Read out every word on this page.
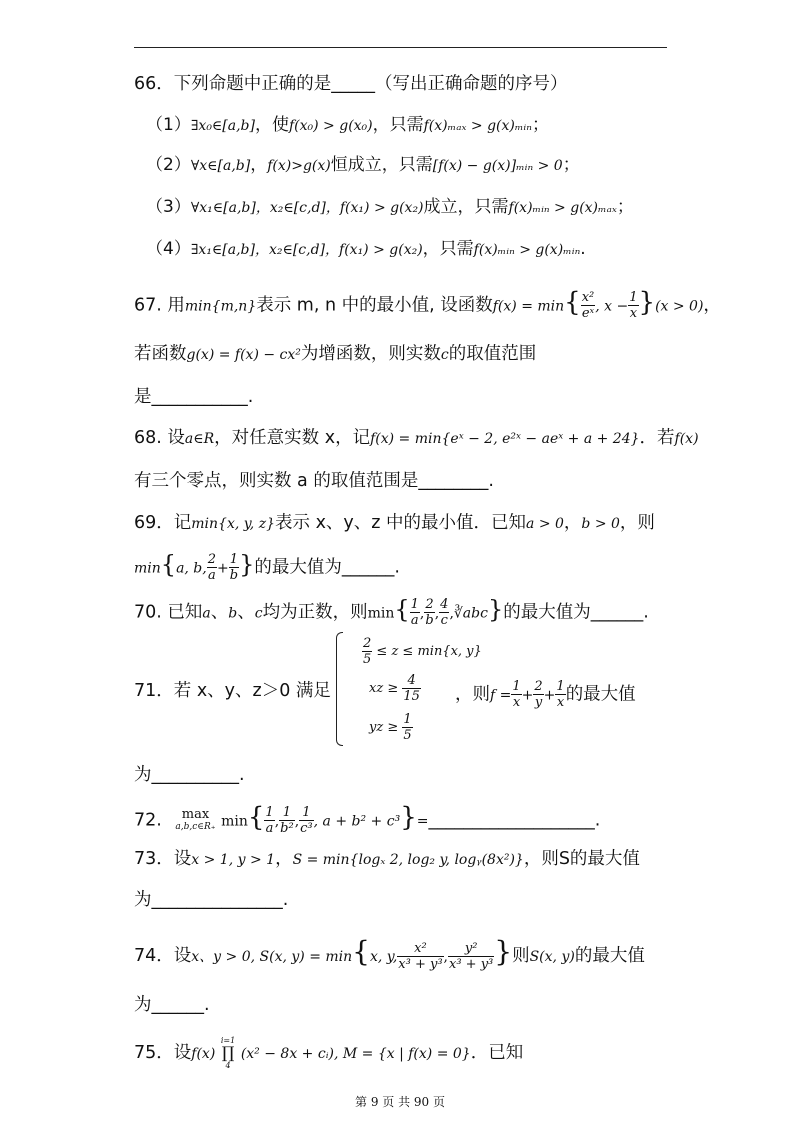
66．下列命题中正确的是_____（写出正确命题的序号）
（1）∃x₀∈[a,b]，使f(x₀) > g(x₀)，只需f(x)ₘₐₓ > g(x)ₘᵢₙ；
（2）∀x∈[a,b]，f(x)>g(x)恒成立，只需[f(x) − g(x)]ₘᵢₙ > 0；
（3）∀x₁∈[a,b]，x₂∈[c,d]，f(x₁) > g(x₂)成立，只需f(x)ₘᵢₙ > g(x)ₘₐₓ；
（4）∃x₁∈[a,b]，x₂∈[c,d]，f(x₁) > g(x₂)，只需f(x)ₘᵢₙ > g(x)ₘᵢₙ.
67. 用min{m,n}表示 m, n 中的最小值, 设函数$f(x) = \min\{ \frac{\text{x²}}{\text{eˣ}}$ , $x - \frac{1}{x} \}(x > 0)$，
若函数g(x) = f(x) − cx²为增函数，则实数c的取值范围
是___________.
68. 设a∈R，对任意实数 x，记f(x) = min{eˣ − 2, e²ˣ − aeˣ + a + 24}．若f(x)
有三个零点，则实数 a 的取值范围是________.
69．记min{x, y, z}表示 x、y、z 中的最小值．已知a > 0，b > 0，则
min{a, b, $\frac{2}{a} + \frac{1}{b}$ }的最大值为______.
70. 已知a、b、c均为正数，则$\min\{ \frac{1}{a}$ , $\frac{2}{b}$ , $\frac{4}{c}$ ,∛abc}的最大值为______.
71．若 x、y、z＞0 满足
$\frac{2}{5} \le z \le \min\{x$, y}
xz ≥ $\frac{4}{15}$
yz ≥ $\frac{1}{5}$
，则$f = \frac{1}{x} + \frac{2}{y} + \frac{1}{x}$ 的最大值
为__________.
72.	max
a,b,c∈R₊ $\min\{ \frac{1}{a}$ , $\frac{1}{\text{b²}}$ , $\frac{1}{\text{c³}}$ , a + b² + c³}=___________________.
73．设x > 1, y > 1，S = min{logₓ 2, log₂ y, logᵧ(8x²)}，则S的最大值
为_______________.
74．设x、y > 0, S(x, y) = min{x, y, $\frac{\text{x²}}{\text{x³ + y³}}$ , $\frac{\text{y²}}{\text{x³ + y³}}$ }则S(x, y)的最大值
为______.
75．设f(x)
i=1
∏
4
(x² − 8x + cᵢ), M = {x | f(x) = 0}．已知
第 9 页 共 90 页
